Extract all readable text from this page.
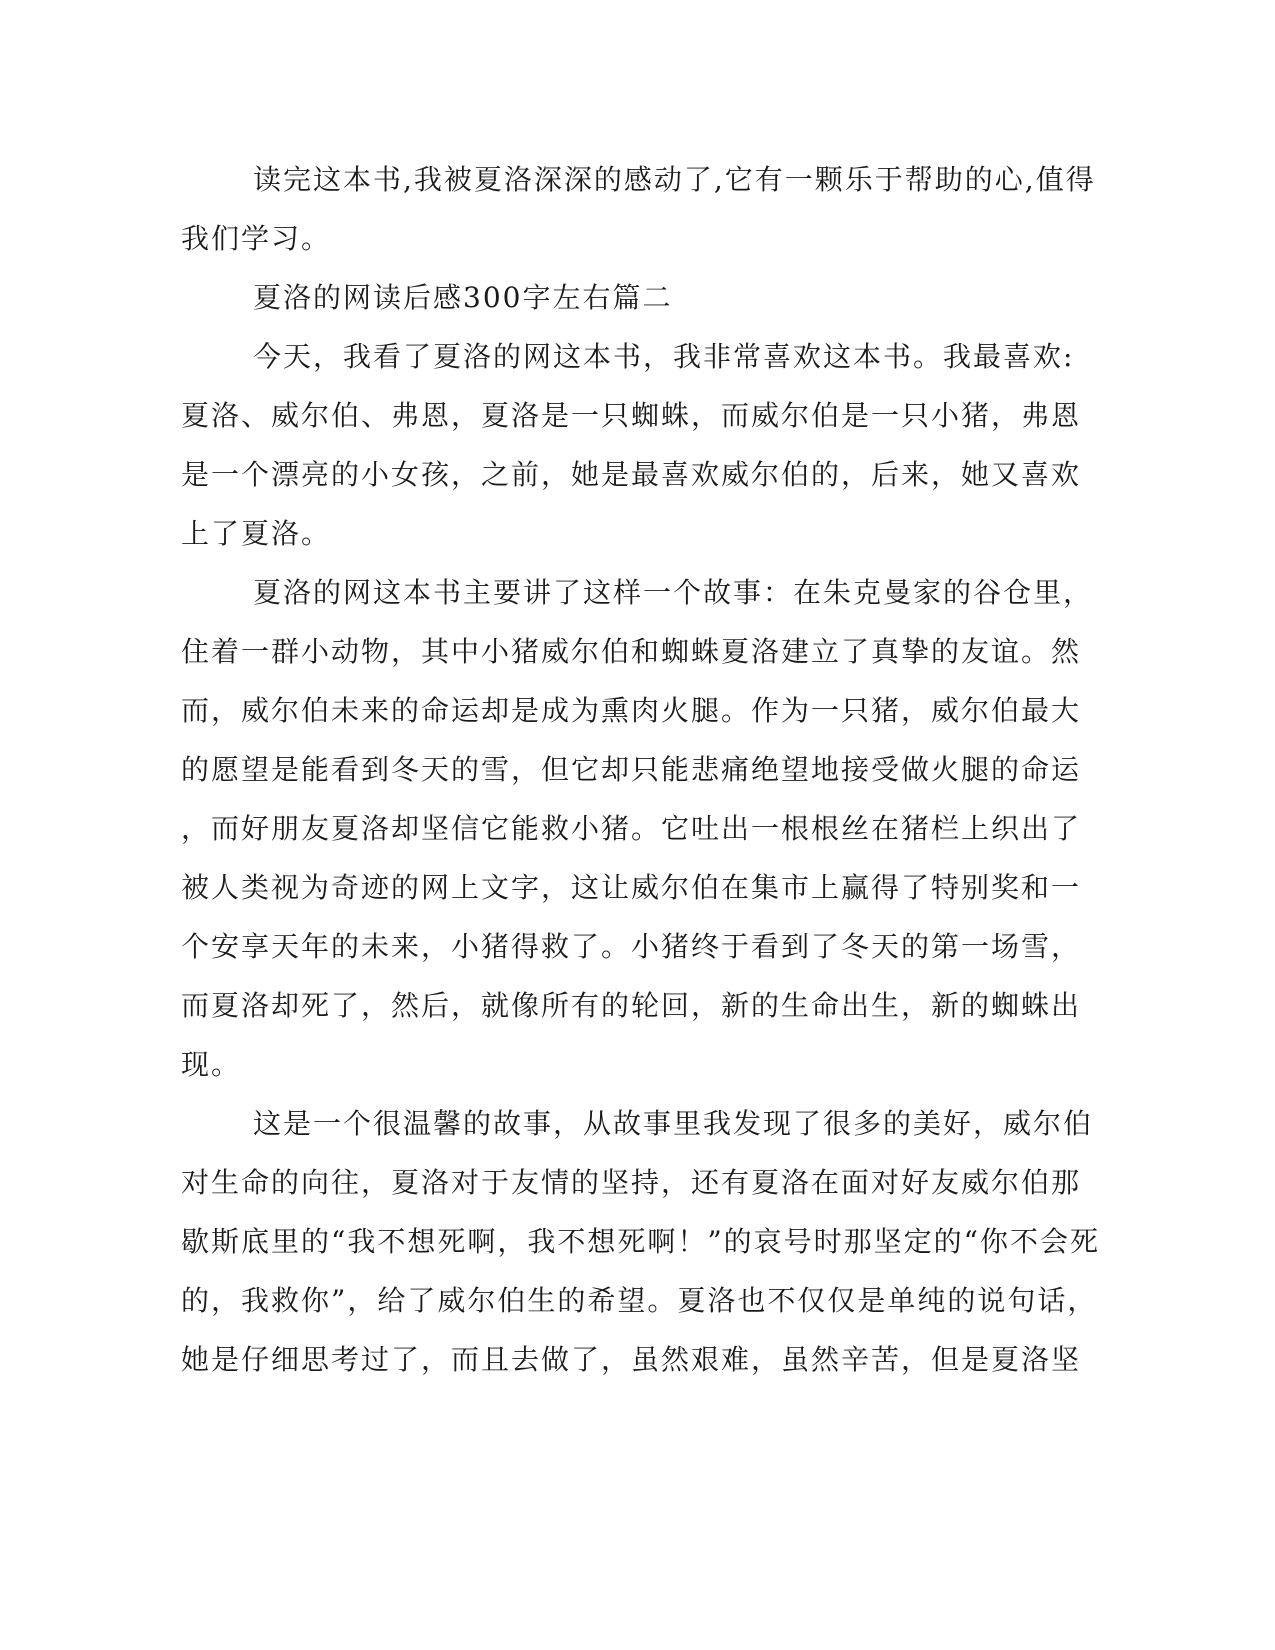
读完这本书,我被夏洛深深的感动了,它有一颗乐于帮助的心,值得
我们学习。
夏洛的网读后感300字左右篇二
今天，我看了夏洛的网这本书，我非常喜欢这本书。我最喜欢:
夏洛、威尔伯、弗恩，夏洛是一只蜘蛛，而威尔伯是一只小猪，弗恩
是一个漂亮的小女孩，之前，她是最喜欢威尔伯的，后来，她又喜欢
上了夏洛。
夏洛的网这本书主要讲了这样一个故事：在朱克曼家的谷仓里，
住着一群小动物，其中小猪威尔伯和蜘蛛夏洛建立了真挚的友谊。然
而，威尔伯未来的命运却是成为熏肉火腿。作为一只猪，威尔伯最大
的愿望是能看到冬天的雪，但它却只能悲痛绝望地接受做火腿的命运
，而好朋友夏洛却坚信它能救小猪。它吐出一根根丝在猪栏上织出了
被人类视为奇迹的网上文字，这让威尔伯在集市上赢得了特别奖和一
个安享天年的未来，小猪得救了。小猪终于看到了冬天的第一场雪，
而夏洛却死了，然后，就像所有的轮回，新的生命出生，新的蜘蛛出
现。
这是一个很温馨的故事，从故事里我发现了很多的美好，威尔伯
对生命的向往，夏洛对于友情的坚持，还有夏洛在面对好友威尔伯那
歇斯底里的“我不想死啊，我不想死啊！”的哀号时那坚定的“你不会死
的，我救你”，给了威尔伯生的希望。夏洛也不仅仅是单纯的说句话，
她是仔细思考过了，而且去做了，虽然艰难，虽然辛苦，但是夏洛坚
